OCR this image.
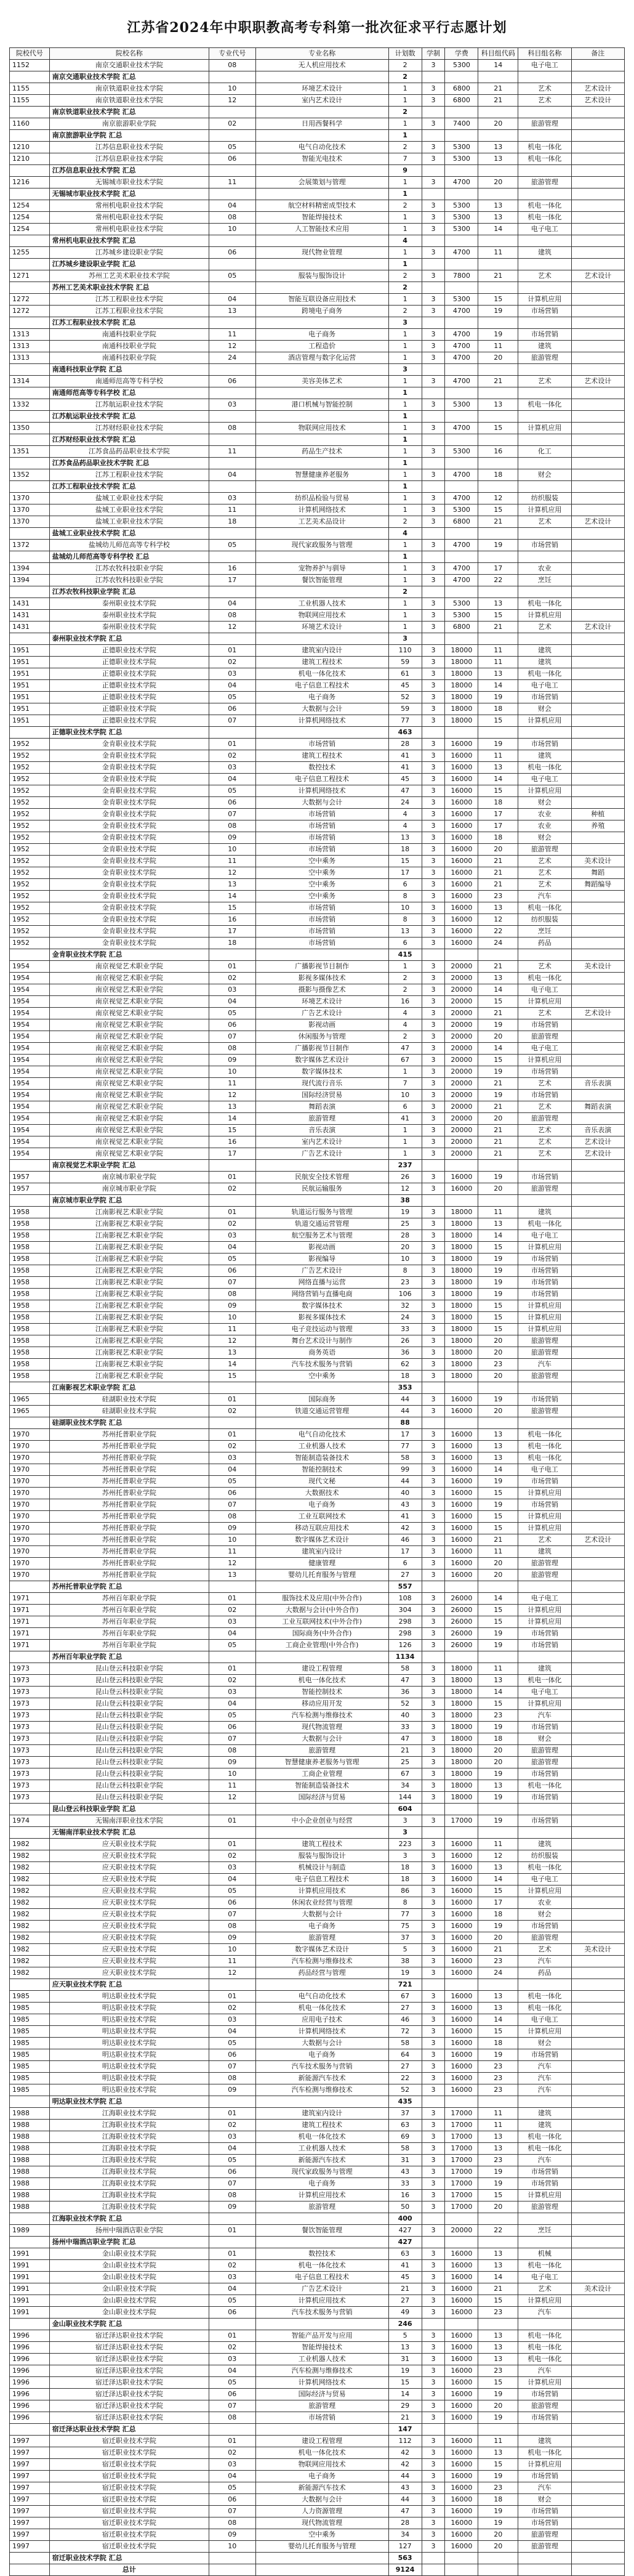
江苏省2024年中职职教高考专科第一批次征求平行志愿计划
院校代号	院校名称	专业代号	专业名称	计划数	学制	学费	科目组代码	科目组名称	备注
1152	南京交通职业技术学院	08	无人机应用技术	2	3	5300	14	电子电工	
	南京交通职业技术学院 汇总			2					
1155	南京铁道职业技术学院	10	环境艺术设计	1	3	6800	21	艺术	艺术设计
1155	南京铁道职业技术学院	12	室内艺术设计	1	3	6800	21	艺术	艺术设计
	南京铁道职业技术学院 汇总			2					
1160	南京旅游职业学院	02	日用西餐科学	1	3	7400	20	旅游管理	
	南京旅游职业学院 汇总			1					
1210	江苏信息职业技术学院	05	电气自动化技术	2	3	5300	13	机电一体化	
1210	江苏信息职业技术学院	06	智能光电技术	7	3	5300	13	机电一体化	
	江苏信息职业技术学院 汇总			9					
1216	无锡城市职业技术学院	11	会展策划与管理	1	3	4700	20	旅游管理	
	无锡城市职业技术学院 汇总			1					
1254	常州机电职业技术学院	04	航空材料精密成型技术	2	3	5300	13	机电一体化	
1254	常州机电职业技术学院	08	智能焊接技术	1	3	5300	13	机电一体化	
1254	常州机电职业技术学院	10	人工智能技术应用	1	3	5300	14	电子电工	
	常州机电职业技术学院 汇总			4					
1255	江苏城乡建设职业学院	06	现代物业管理	1	3	4700	11	建筑	
	江苏城乡建设职业学院 汇总			1					
1271	苏州工艺美术职业技术学院	05	服装与服饰设计	2	3	7800	21	艺术	艺术设计
	苏州工艺美术职业技术学院 汇总			2					
1272	江苏工程职业技术学院	04	智能互联设备应用技术	1	3	5300	15	计算机应用	
1272	江苏工程职业技术学院	13	跨境电子商务	2	3	4700	19	市场营销	
	江苏工程职业技术学院 汇总			3					
1313	南通科技职业学院	11	电子商务	1	3	4700	19	市场营销	
1313	南通科技职业学院	12	工程造价	1	3	4700	11	建筑	
1313	南通科技职业学院	24	酒店管理与数字化运营	1	3	4700	20	旅游管理	
	南通科技职业学院 汇总			3					
1314	南通师范高等专科学校	06	美容美体艺术	1	3	4700	21	艺术	艺术设计
	南通师范高等专科学校 汇总			1					
1332	江苏航运职业技术学院	03	港口机械与智能控制	1	3	5300	13	机电一体化	
	江苏航运职业技术学院 汇总			1					
1350	江苏财经职业技术学院	08	物联网应用技术	1	3	4700	15	计算机应用	
	江苏财经职业技术学院 汇总			1					
1351	江苏食品药品职业技术学院	11	药品生产技术	1	3	5300	16	化工	
	江苏食品药品职业技术学院 汇总			1					
1352	江苏工程职业技术学院	04	智慧健康养老服务	1	3	4700	18	财会	
	江苏工程职业技术学院 汇总			1					
1370	盐城工业职业技术学院	03	纺织品检验与贸易	1	3	4700	12	纺织服装	
1370	盐城工业职业技术学院	11	计算机网络技术	1	3	5300	15	计算机应用	
1370	盐城工业职业技术学院	18	工艺美术品设计	2	3	6800	21	艺术	艺术设计
	盐城工业职业技术学院 汇总			4					
1372	盐城幼儿师范高等专科学校	05	现代家政服务与管理	1	3	4700	19	市场营销	
	盐城幼儿师范高等专科学校 汇总			1					
1394	江苏农牧科技职业学院	16	宠物养护与驯导	1	3	4700	17	农业	
1394	江苏农牧科技职业学院	17	餐饮智能管理	1	3	4700	22	烹饪	
	江苏农牧科技职业学院 汇总			2					
1431	泰州职业技术学院	04	工业机器人技术	1	3	5300	13	机电一体化	
1431	泰州职业技术学院	08	物联网应用技术	1	3	5300	15	计算机应用	
1431	泰州职业技术学院	12	环境艺术设计	1	3	6800	21	艺术	艺术设计
	泰州职业技术学院 汇总			3					
1951	正德职业技术学院	01	建筑室内设计	110	3	18000	11	建筑	
1951	正德职业技术学院	02	建筑工程技术	59	3	18000	11	建筑	
1951	正德职业技术学院	03	机电一体化技术	61	3	18000	13	机电一体化	
1951	正德职业技术学院	04	电子信息工程技术	45	3	18000	14	电子电工	
1951	正德职业技术学院	05	电子商务	52	3	18000	19	市场营销	
1951	正德职业技术学院	06	大数据与会计	59	3	18000	18	财会	
1951	正德职业技术学院	07	计算机网络技术	77	3	18000	15	计算机应用	
	正德职业技术学院 汇总			463					
1952	金肯职业技术学院	01	市场营销	28	3	16000	19	市场营销	
1952	金肯职业技术学院	02	建筑工程技术	41	3	16000	11	建筑	
1952	金肯职业技术学院	03	数控技术	41	3	16000	13	机电一体化	
1952	金肯职业技术学院	04	电子信息工程技术	45	3	16000	14	电子电工	
1952	金肯职业技术学院	05	计算机网络技术	47	3	16000	15	计算机应用	
1952	金肯职业技术学院	06	大数据与会计	24	3	16000	18	财会	
1952	金肯职业技术学院	07	市场营销	4	3	16000	17	农业	种植
1952	金肯职业技术学院	08	市场营销	4	3	16000	17	农业	养殖
1952	金肯职业技术学院	09	市场营销	13	3	16000	18	财会	
1952	金肯职业技术学院	10	市场营销	18	3	16000	20	旅游管理	
1952	金肯职业技术学院	11	空中乘务	15	3	16000	21	艺术	美术设计
1952	金肯职业技术学院	12	空中乘务	17	3	16000	21	艺术	舞蹈
1952	金肯职业技术学院	13	空中乘务	6	3	16000	21	艺术	舞蹈编导
1952	金肯职业技术学院	14	空中乘务	8	3	16000	23	汽车	
1952	金肯职业技术学院	15	市场营销	10	3	16000	13	机电一体化	
1952	金肯职业技术学院	16	市场营销	8	3	16000	12	纺织服装	
1952	金肯职业技术学院	17	市场营销	13	3	16000	22	烹饪	
1952	金肯职业技术学院	18	市场营销	6	3	16000	24	药品	
	金肯职业技术学院 汇总			415					
1954	南京视觉艺术职业学院	01	广播影视节目制作	1	3	20000	21	艺术	美术设计
1954	南京视觉艺术职业学院	02	影视多媒体技术	2	3	20000	13	机电一体化	
1954	南京视觉艺术职业学院	03	摄影与摄像艺术	2	3	20000	14	电子电工	
1954	南京视觉艺术职业学院	04	环境艺术设计	16	3	20000	15	计算机应用	
1954	南京视觉艺术职业学院	05	广告艺术设计	4	3	20000	21	艺术	艺术设计
1954	南京视觉艺术职业学院	06	影视动画	4	3	20000	19	市场营销	
1954	南京视觉艺术职业学院	07	休闲服务与管理	2	3	20000	20	旅游管理	
1954	南京视觉艺术职业学院	08	广播影视节目制作	47	3	20000	14	电子电工	
1954	南京视觉艺术职业学院	09	数字媒体艺术设计	67	3	20000	15	计算机应用	
1954	南京视觉艺术职业学院	10	数字媒体技术	1	3	20000	19	市场营销	
1954	南京视觉艺术职业学院	11	现代流行音乐	7	3	20000	21	艺术	音乐表演
1954	南京视觉艺术职业学院	12	国际经济贸易	10	3	20000	19	市场营销	
1954	南京视觉艺术职业学院	13	舞蹈表演	6	3	20000	21	艺术	舞蹈表演
1954	南京视觉艺术职业学院	14	旅游管理	41	3	20000	20	旅游管理	
1954	南京视觉艺术职业学院	15	音乐表演	1	3	20000	21	艺术	音乐表演
1954	南京视觉艺术职业学院	16	室内艺术设计	1	3	20000	21	艺术	艺术设计
1954	南京视觉艺术职业学院	17	广告艺术设计	1	3	20000	21	艺术	艺术设计
	南京视觉艺术职业学院 汇总			237					
1957	南京城市职业学院	01	民航安全技术管理	26	3	16000	19	市场营销	
1957	南京城市职业学院	02	民航运输服务	12	3	16000	20	旅游管理	
	南京城市职业学院 汇总			38					
1958	江南影视艺术职业学院	01	轨道运行服务与管理	19	3	18000	11	建筑	
1958	江南影视艺术职业学院	02	轨道交通运营管理	25	3	18000	13	机电一体化	
1958	江南影视艺术职业学院	03	航空服务艺术与管理	28	3	18000	14	电子电工	
1958	江南影视艺术职业学院	04	影视动画	20	3	18000	15	计算机应用	
1958	江南影视艺术职业学院	05	影视编导	10	3	18000	19	市场营销	
1958	江南影视艺术职业学院	06	广告艺术设计	8	3	18000	19	市场营销	
1958	江南影视艺术职业学院	07	网络直播与运营	23	3	18000	19	市场营销	
1958	江南影视艺术职业学院	08	网络营销与直播电商	106	3	18000	19	市场营销	
1958	江南影视艺术职业学院	09	数字媒体技术	32	3	18000	15	计算机应用	
1958	江南影视艺术职业学院	10	影视多媒体技术	24	3	18000	15	计算机应用	
1958	江南影视艺术职业学院	11	电子竞技运动与管理	33	3	18000	15	计算机应用	
1958	江南影视艺术职业学院	12	舞台艺术设计与制作	26	3	18000	20	旅游管理	
1958	江南影视艺术职业学院	13	商务英语	36	3	18000	20	旅游管理	
1958	江南影视艺术职业学院	14	汽车技术服务与营销	62	3	18000	23	汽车	
1958	江南影视艺术职业学院	15	空中乘务	18	3	18000	20	旅游管理	
	江南影视艺术职业学院 汇总			353					
1965	硅湖职业技术学院	01	国际商务	44	3	16000	19	市场营销	
1965	硅湖职业技术学院	02	铁道交通运营管理	44	3	16000	20	旅游管理	
	硅湖职业技术学院 汇总			88					
1970	苏州托普职业学院	01	电气自动化技术	17	3	16000	13	机电一体化	
1970	苏州托普职业学院	02	工业机器人技术	77	3	16000	13	机电一体化	
1970	苏州托普职业学院	03	智能制造装备技术	58	3	16000	13	机电一体化	
1970	苏州托普职业学院	04	智能控制技术	99	3	16000	14	电子电工	
1970	苏州托普职业学院	05	现代文秘	44	3	16000	19	市场营销	
1970	苏州托普职业学院	06	大数据技术	40	3	16000	15	计算机应用	
1970	苏州托普职业学院	07	电子商务	43	3	16000	19	市场营销	
1970	苏州托普职业学院	08	工业互联网技术	41	3	16000	15	计算机应用	
1970	苏州托普职业学院	09	移动互联应用技术	42	3	16000	15	计算机应用	
1970	苏州托普职业学院	10	数字媒体艺术设计	46	3	16000	21	艺术	艺术设计
1970	苏州托普职业学院	11	建筑室内设计	17	3	16000	11	建筑	
1970	苏州托普职业学院	12	健康管理	6	3	16000	20	旅游管理	
1970	苏州托普职业学院	13	婴幼儿托育服务与管理	27	3	16000	20	旅游管理	
	苏州托普职业学院 汇总			557					
1971	苏州百年职业学院	01	服饰技术及应用(中外合作)	108	3	26000	14	电子电工	
1971	苏州百年职业学院	02	大数据与会计(中外合作)	304	3	26000	15	计算机应用	
1971	苏州百年职业学院	03	工业互联网技术(中外合作)	298	3	26000	15	计算机应用	
1971	苏州百年职业学院	04	国际商务(中外合作)	298	3	26000	19	市场营销	
1971	苏州百年职业学院	05	工商企业管理(中外合作)	126	3	26000	19	市场营销	
	苏州百年职业学院 汇总			1134					
1973	昆山登云科技职业学院	01	建设工程管理	58	3	18000	11	建筑	
1973	昆山登云科技职业学院	02	机电一体化技术	47	3	18000	13	机电一体化	
1973	昆山登云科技职业学院	03	智能控制技术	36	3	18000	14	电子电工	
1973	昆山登云科技职业学院	04	移动应用开发	52	3	18000	15	计算机应用	
1973	昆山登云科技职业学院	05	汽车检测与维修技术	40	3	18000	23	汽车	
1973	昆山登云科技职业学院	06	现代物流管理	33	3	18000	19	市场营销	
1973	昆山登云科技职业学院	07	大数据与会计	47	3	18000	18	财会	
1973	昆山登云科技职业学院	08	旅游管理	21	3	18000	20	旅游管理	
1973	昆山登云科技职业学院	09	智慧健康养老服务与管理	25	3	18000	20	旅游管理	
1973	昆山登云科技职业学院	10	工商企业管理	67	3	18000	19	市场营销	
1973	昆山登云科技职业学院	11	智能制造装备技术	34	3	18000	13	机电一体化	
1973	昆山登云科技职业学院	12	国际经济与贸易	144	3	18000	19	市场营销	
	昆山登云科技职业学院 汇总			604					
1974	无锡南洋职业技术学院	01	中小企业创业与经营	3	3	17000	19	市场营销	
	无锡南洋职业技术学院 汇总			3					
1982	应天职业技术学院	01	建筑工程技术	223	3	16000	11	建筑	
1982	应天职业技术学院	02	服装与服饰设计	3	3	16000	12	纺织服装	
1982	应天职业技术学院	03	机械设计与制造	18	3	16000	13	机电一体化	
1982	应天职业技术学院	04	电子信息工程技术	18	3	16000	14	电子电工	
1982	应天职业技术学院	05	计算机应用技术	86	3	16000	15	计算机应用	
1982	应天职业技术学院	06	休闲农业经营与管理	8	3	16000	17	农业	
1982	应天职业技术学院	07	大数据与会计	77	3	16000	18	财会	
1982	应天职业技术学院	08	电子商务	75	3	16000	19	市场营销	
1982	应天职业技术学院	09	旅游管理	37	3	16000	20	旅游管理	
1982	应天职业技术学院	10	数字媒体艺术设计	5	3	16000	21	艺术	美术设计
1982	应天职业技术学院	11	汽车检测与维修技术	38	3	16000	23	汽车	
1982	应天职业技术学院	12	药品经营与管理	19	3	16000	24	药品	
	应天职业技术学院 汇总			721					
1985	明达职业技术学院	01	电气自动化技术	67	3	16000	13	机电一体化	
1985	明达职业技术学院	02	机电一体化技术	27	3	16000	13	机电一体化	
1985	明达职业技术学院	03	应用电子技术	46	3	16000	14	电子电工	
1985	明达职业技术学院	04	计算机网络技术	72	3	16000	15	计算机应用	
1985	明达职业技术学院	05	大数据与会计	58	3	16000	18	财会	
1985	明达职业技术学院	06	电子商务	64	3	16000	19	市场营销	
1985	明达职业技术学院	07	汽车技术服务与营销	27	3	16000	23	汽车	
1985	明达职业技术学院	08	新能源汽车技术	22	3	16000	23	汽车	
1985	明达职业技术学院	09	汽车检测与维修技术	52	3	16000	23	汽车	
	明达职业技术学院 汇总			435					
1988	江海职业技术学院	01	建筑室内设计	37	3	17000	11	建筑	
1988	江海职业技术学院	02	建筑工程技术	63	3	17000	11	建筑	
1988	江海职业技术学院	03	机电一体化技术	69	3	17000	13	机电一体化	
1988	江海职业技术学院	04	工业机器人技术	58	3	17000	13	机电一体化	
1988	江海职业技术学院	05	新能源汽车技术	31	3	17000	23	汽车	
1988	江海职业技术学院	06	现代家政服务与管理	43	3	17000	19	市场营销	
1988	江海职业技术学院	07	电子商务	33	3	17000	19	市场营销	
1988	江海职业技术学院	08	计算机应用技术	16	3	17000	15	计算机应用	
1988	江海职业技术学院	09	旅游管理	50	3	17000	20	旅游管理	
	江海职业技术学院 汇总			400					
1989	扬州中瑞酒店职业学院	01	餐饮智能管理	427	3	20000	22	烹饪	
	扬州中瑞酒店职业学院 汇总			427					
1991	金山职业技术学院	01	数控技术	63	3	16000	13	机械	
1991	金山职业技术学院	02	机电一体化技术	41	3	16000	13	机电一体化	
1991	金山职业技术学院	03	电子信息工程技术	45	3	16000	14	电子电工	
1991	金山职业技术学院	04	广告艺术设计	21	3	16000	21	艺术	美术设计
1991	金山职业技术学院	05	计算机应用技术	27	3	16000	15	计算机应用	
1991	金山职业技术学院	06	汽车技术服务与营销	49	3	16000	23	汽车	
	金山职业技术学院 汇总			246					
1996	宿迁泽达职业技术学院	01	智能产品开发与应用	5	3	16000	13	机电一体化	
1996	宿迁泽达职业技术学院	02	智能焊接技术	13	3	16000	13	机电一体化	
1996	宿迁泽达职业技术学院	03	工业机器人技术	31	3	16000	13	机电一体化	
1996	宿迁泽达职业技术学院	04	汽车检测与维修技术	19	3	16000	23	汽车	
1996	宿迁泽达职业技术学院	05	计算机网络技术	15	3	16000	15	计算机应用	
1996	宿迁泽达职业技术学院	06	国际经济与贸易	14	3	16000	19	市场营销	
1996	宿迁泽达职业技术学院	07	旅游管理	29	3	16000	20	旅游管理	
1996	宿迁泽达职业技术学院	08	市场营销	21	3	16000	19	市场营销	
	宿迁泽达职业技术学院 汇总			147					
1997	宿迁职业技术学院	01	建设工程管理	112	3	16000	11	建筑	
1997	宿迁职业技术学院	02	机电一体化技术	42	3	16000	13	机电一体化	
1997	宿迁职业技术学院	03	物联网应用技术	42	3	16000	15	计算机应用	
1997	宿迁职业技术学院	04	电子商务	44	3	16000	19	市场营销	
1997	宿迁职业技术学院	05	新能源汽车技术	43	3	16000	23	汽车	
1997	宿迁职业技术学院	06	大数据与会计	44	3	16000	18	财会	
1997	宿迁职业技术学院	07	人力资源管理	47	3	16000	19	市场营销	
1997	宿迁职业技术学院	08	现代物流管理	28	3	16000	19	市场营销	
1997	宿迁职业技术学院	09	空中乘务	34	3	16000	20	旅游管理	
1997	宿迁职业技术学院	10	婴幼儿托育服务与管理	127	3	16000	20	旅游管理	
	宿迁职业技术学院 汇总			563					
	总计			9124					
